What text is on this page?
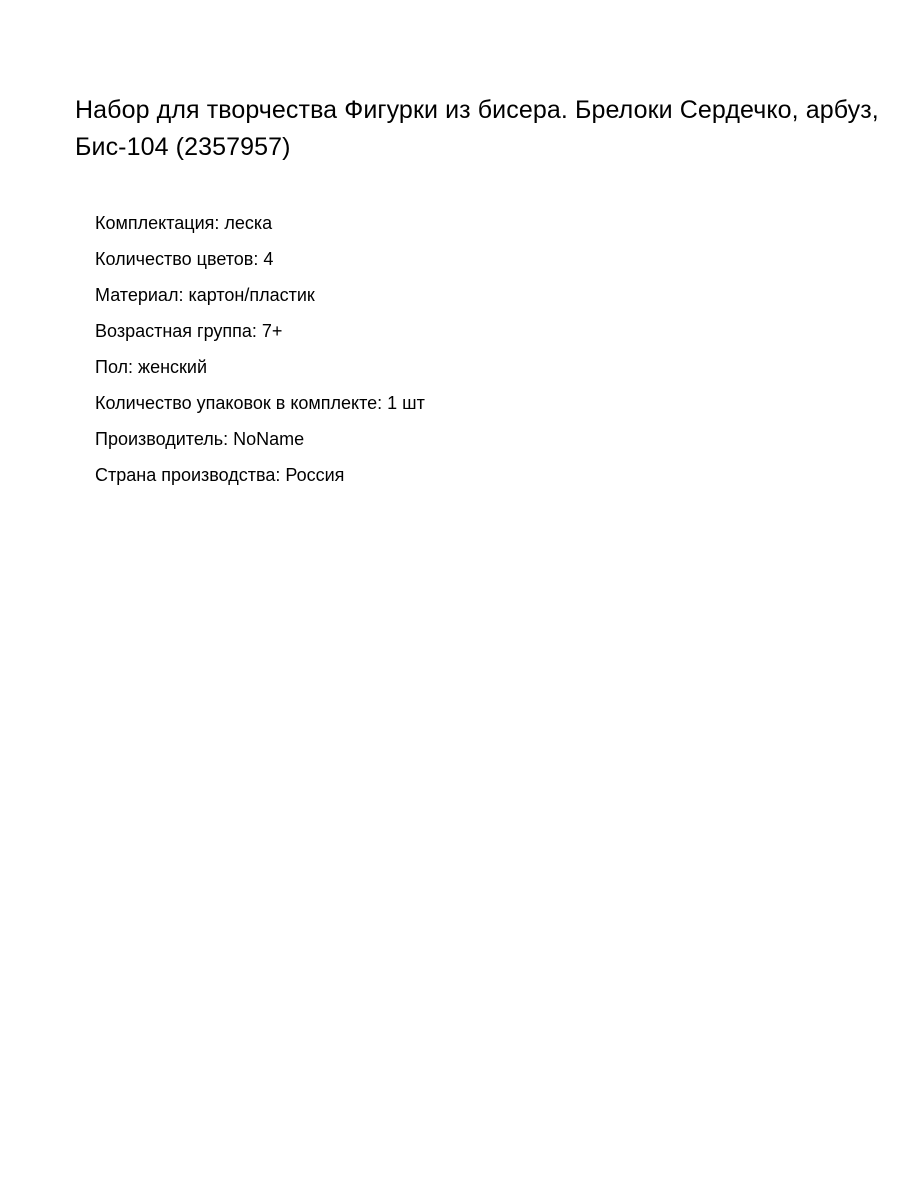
Набор для творчества Фигурки из бисера. Брелоки Сердечко, арбуз, Бис-104 (2357957)
Комплектация: леска
Количество цветов: 4
Материал: картон/пластик
Возрастная группа: 7+
Пол: женский
Количество упаковок в комплекте: 1 шт
Производитель: NoName
Страна производства: Россия
